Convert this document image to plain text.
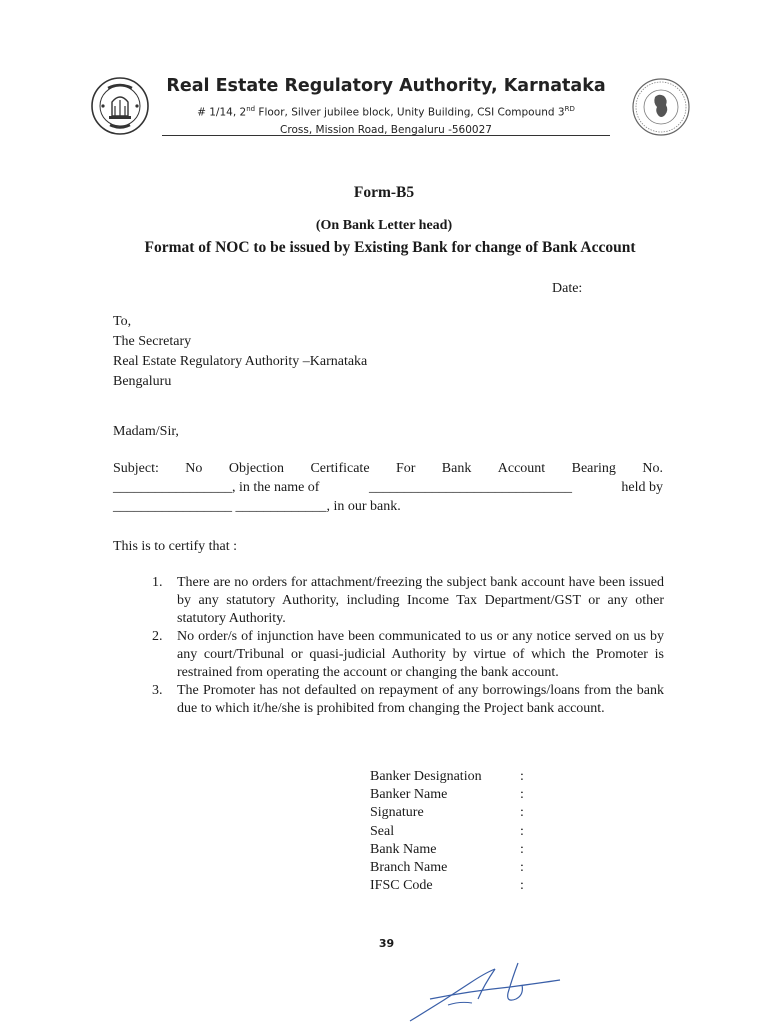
Real Estate Regulatory Authority, Karnataka
# 1/14, 2nd Floor, Silver jubilee block, Unity Building, CSI Compound 3RD
Cross, Mission Road, Bengaluru -560027
Form-B5
(On Bank Letter head)
Format of NOC to be issued by Existing Bank for change of Bank Account
Date:
To,
The Secretary
Real Estate Regulatory Authority –Karnataka
Bengaluru
Madam/Sir,
Subject: No Objection Certificate For Bank Account Bearing No.
_________________, in the name of	_____________________________	held by
_________________ _____________, in our bank.
This is to certify that :
1.	There are no orders for attachment/freezing the subject bank account have been issued by any statutory Authority, including Income Tax Department/GST or any other statutory Authority.
2.	No order/s of injunction have been communicated to us or any notice served on us by any court/Tribunal or quasi-judicial Authority by virtue of which the Promoter is restrained from operating the account or changing the bank account.
3.	The Promoter has not defaulted on repayment of any borrowings/loans from the bank due to which it/he/she is prohibited from changing the Project bank account.
Banker Designation	:
Banker Name	:
Signature	:
Seal	:
Bank Name	:
Branch Name	:
IFSC Code	:
39
